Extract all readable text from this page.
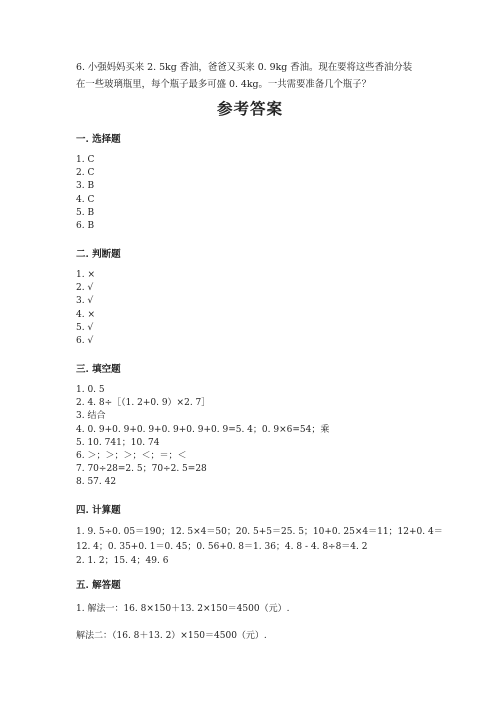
6. 小强妈妈买来 2. 5kg 香油，爸爸又买来 0. 9kg 香油。现在要将这些香油分装
在一些玻璃瓶里，每个瓶子最多可盛 0. 4kg。一共需要准备几个瓶子？
参考答案
一. 选择题
1. C
2. C
3. B
4. C
5. B
6. B
二. 判断题
1. ×
2. √
3. √
4. ×
5. √
6. √
三. 填空题
1. 0. 5
2. 4. 8÷［（1. 2+0. 9）×2. 7］
3. 结合
4. 0. 9+0. 9+0. 9+0. 9+0. 9+0. 9=5. 4；0. 9×6=54；乘
5. 10. 741；10. 74
6. ＞；＞；＞；＜；＝；＜
7. 70÷28=2. 5；70÷2. 5=28
8. 57. 42
四. 计算题
1. 9. 5÷0. 05＝190；12. 5×4＝50；20. 5+5＝25. 5；10+0. 25×4＝11；12+0. 4＝
12. 4；0. 35+0. 1＝0. 45；0. 56+0. 8＝1. 36；4. 8 - 4. 8÷8＝4. 2
2. 1. 2；15. 4；49. 6
五. 解答题
1. 解法一：16. 8×150＋13. 2×150＝4500（元）.
解法二：（16. 8＋13. 2）×150＝4500（元）.
